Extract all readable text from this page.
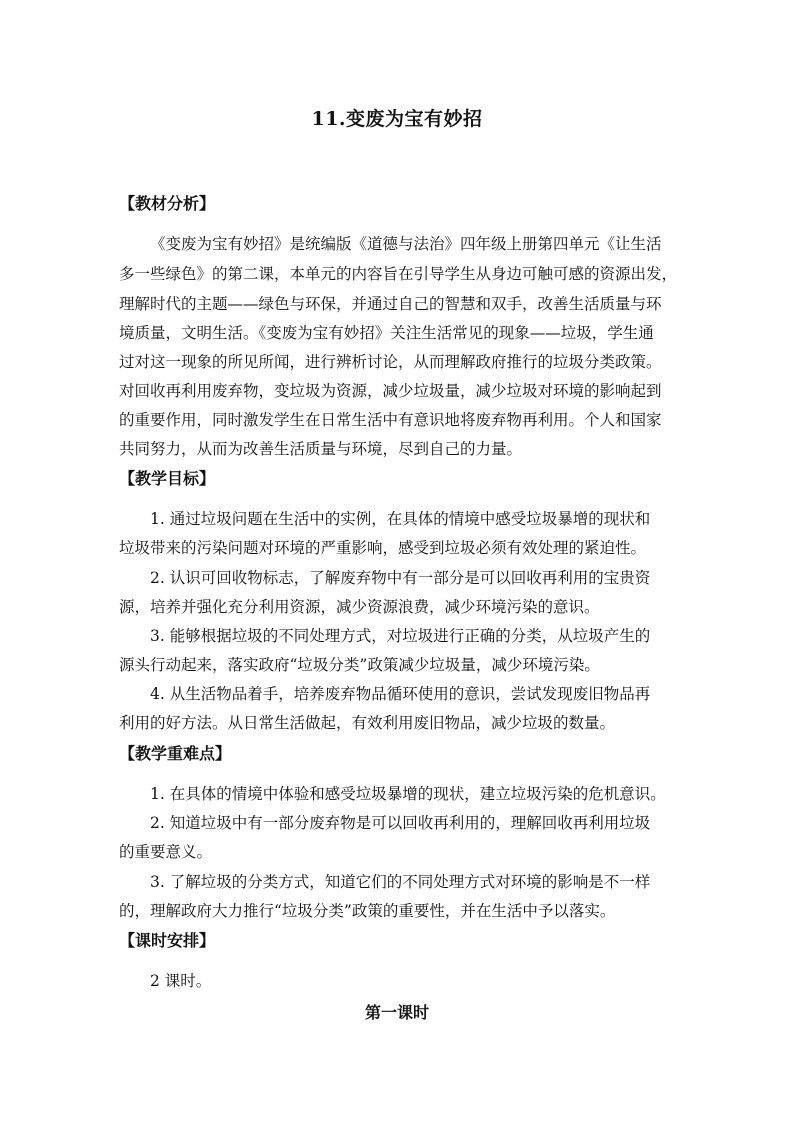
11.变废为宝有妙招
【教材分析】
《变废为宝有妙招》是统编版《道德与法治》四年级上册第四单元《让生活
多一些绿色》的第二课，本单元的内容旨在引导学生从身边可触可感的资源出发，
理解时代的主题——绿色与环保，并通过自己的智慧和双手，改善生活质量与环
境质量，文明生活。《变废为宝有妙招》关注生活常见的现象——垃圾，学生通
过对这一现象的所见所闻，进行辨析讨论，从而理解政府推行的垃圾分类政策。
对回收再利用废弃物，变垃圾为资源，减少垃圾量，减少垃圾对环境的影响起到
的重要作用，同时激发学生在日常生活中有意识地将废弃物再利用。个人和国家
共同努力，从而为改善生活质量与环境，尽到自己的力量。
【教学目标】
1. 通过垃圾问题在生活中的实例，在具体的情境中感受垃圾暴增的现状和
垃圾带来的污染问题对环境的严重影响，感受到垃圾必须有效处理的紧迫性。
2. 认识可回收物标志，了解废弃物中有一部分是可以回收再利用的宝贵资
源，培养并强化充分利用资源，减少资源浪费，减少环境污染的意识。
3. 能够根据垃圾的不同处理方式，对垃圾进行正确的分类，从垃圾产生的
源头行动起来，落实政府“垃圾分类”政策减少垃圾量，减少环境污染。
4. 从生活物品着手，培养废弃物品循环使用的意识，尝试发现废旧物品再
利用的好方法。从日常生活做起，有效利用废旧物品，减少垃圾的数量。
【教学重难点】
1. 在具体的情境中体验和感受垃圾暴增的现状，建立垃圾污染的危机意识。
2. 知道垃圾中有一部分废弃物是可以回收再利用的，理解回收再利用垃圾
的重要意义。
3. 了解垃圾的分类方式，知道它们的不同处理方式对环境的影响是不一样
的，理解政府大力推行“垃圾分类”政策的重要性，并在生活中予以落实。
【课时安排】
2 课时。
第一课时
